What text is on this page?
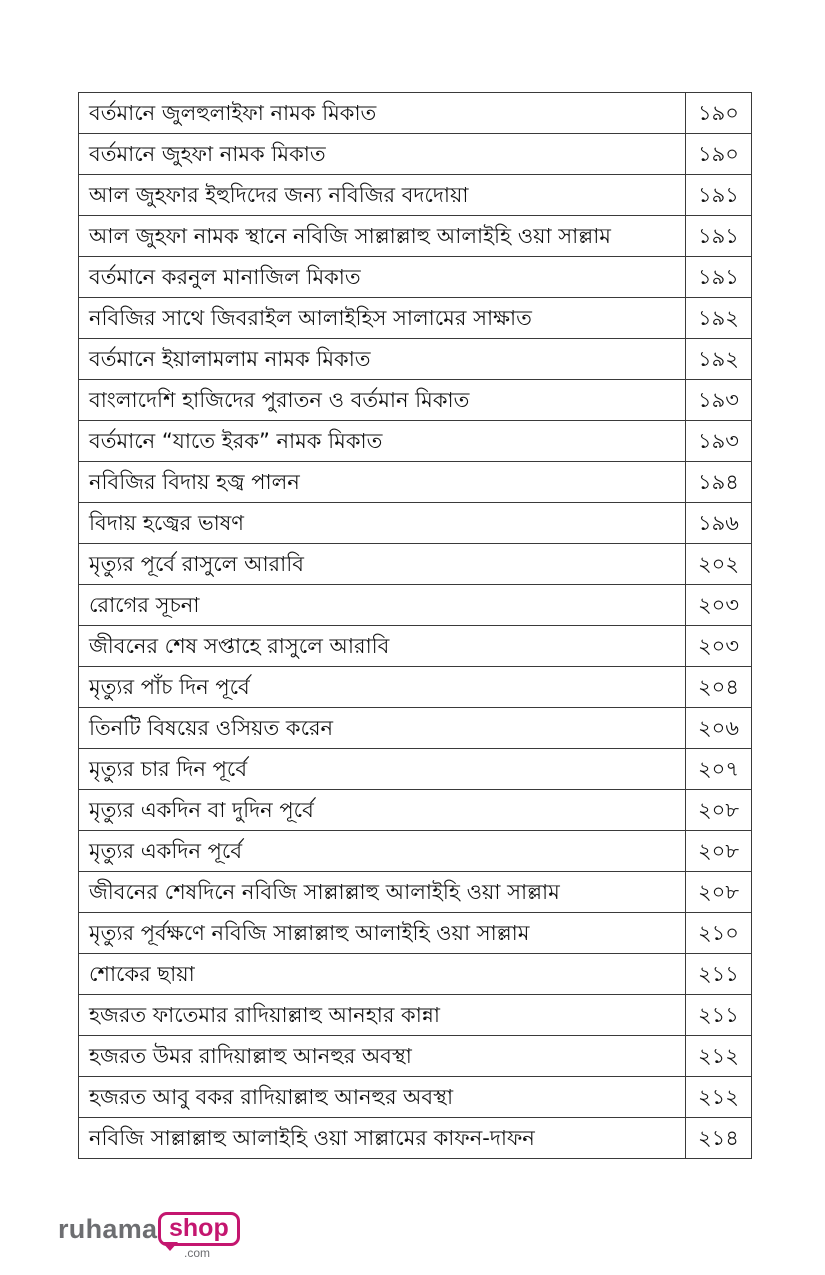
বর্তমানে জুলহুলাইফা নামক মিকাত	১৯০
বর্তমানে জুহফা নামক মিকাত	১৯০
আল জুহফার ইহুদিদের জন্য নবিজির বদদোয়া	১৯১
আল জুহফা নামক স্থানে নবিজি সাল্লাল্লাহু আলাইহি ওয়া সাল্লাম	১৯১
বর্তমানে করনুল মানাজিল মিকাত	১৯১
নবিজির সাথে জিবরাইল আলাইহিস সালামের সাক্ষাত	১৯২
বর্তমানে ইয়ালামলাম নামক মিকাত	১৯২
বাংলাদেশি হাজিদের পুরাতন ও বর্তমান মিকাত	১৯৩
বর্তমানে “যাতে ইরক” নামক মিকাত	১৯৩
নবিজির বিদায় হজ্ব পালন	১৯৪
বিদায় হজ্বের ভাষণ	১৯৬
মৃত্যুর পূর্বে রাসুলে আরাবি	২০২
রোগের সূচনা	২০৩
জীবনের শেষ সপ্তাহে রাসুলে আরাবি	২০৩
মৃত্যুর পাঁচ দিন পূর্বে	২০৪
তিনটি বিষয়ের ওসিয়ত করেন	২০৬
মৃত্যুর চার দিন পূর্বে	২০৭
মৃত্যুর একদিন বা দুদিন পূর্বে	২০৮
মৃত্যুর একদিন পূর্বে	২০৮
জীবনের শেষদিনে নবিজি সাল্লাল্লাহু আলাইহি ওয়া সাল্লাম	২০৮
মৃত্যুর পূর্বক্ষণে নবিজি সাল্লাল্লাহু আলাইহি ওয়া সাল্লাম	২১০
শোকের ছায়া	২১১
হজরত ফাতেমার রাদিয়াল্লাহু আনহার কান্না	২১১
হজরত উমর রাদিয়াল্লাহু আনহুর অবস্থা	২১২
হজরত আবু বকর রাদিয়াল্লাহু আনহুর অবস্থা	২১২
নবিজি সাল্লাল্লাহু আলাইহি ওয়া সাল্লামের কাফন-দাফন	২১৪
ruhama shop
.com
